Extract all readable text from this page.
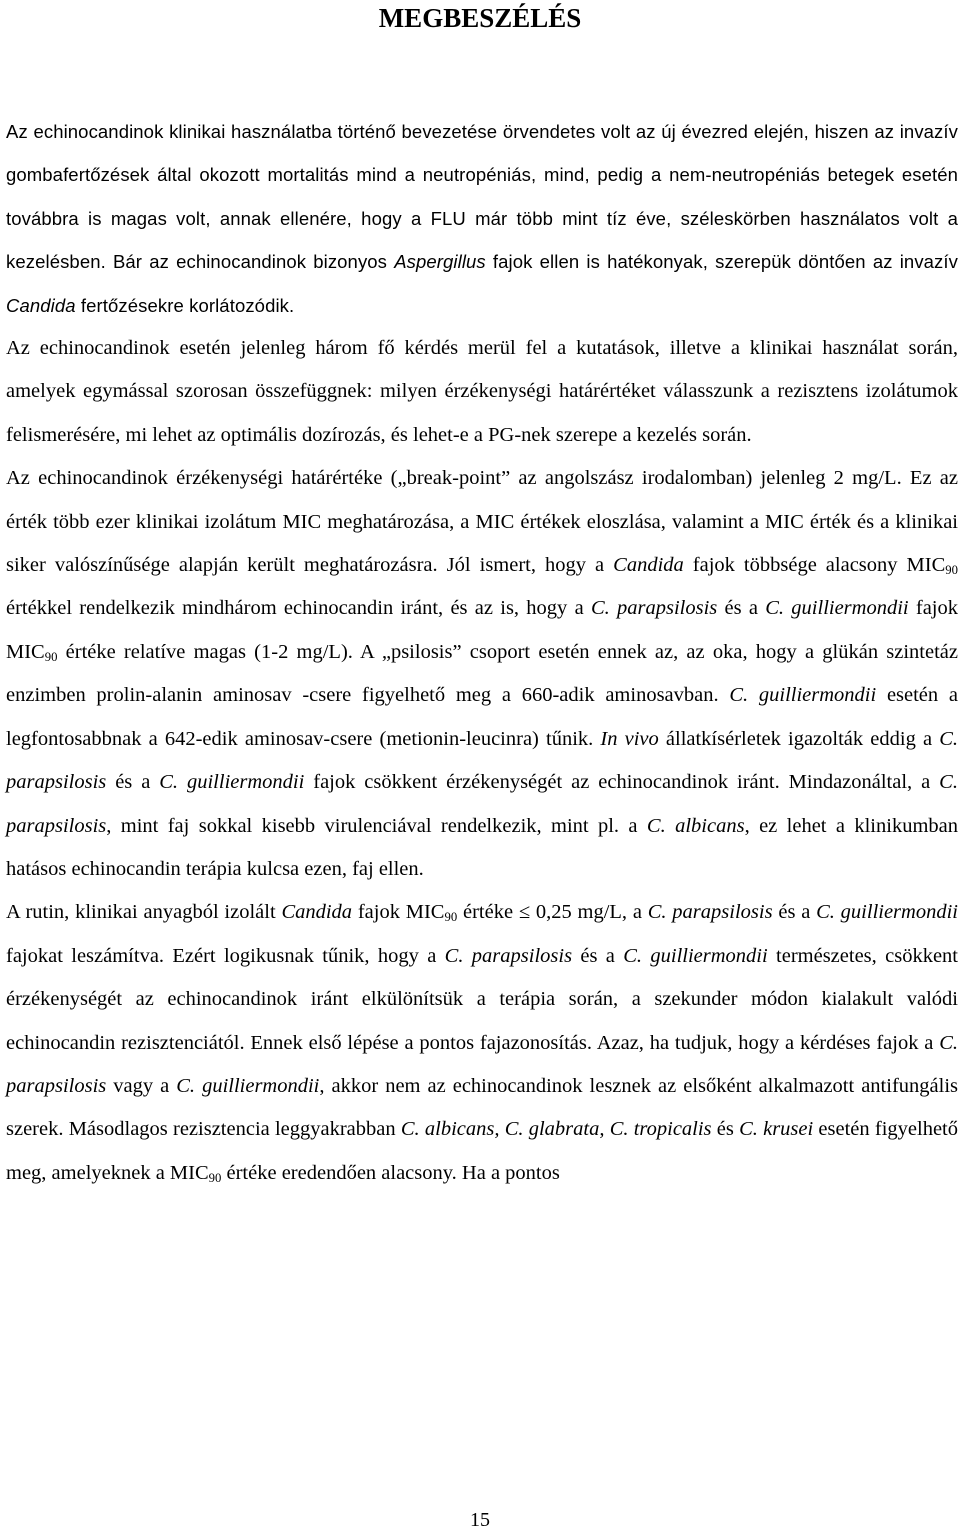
MEGBESZÉLÉS

Az echinocandinok klinikai használatba történő bevezetése örvendetes volt az új évezred elején, hiszen az invazív gombafertőzések által okozott mortalitás mind a neutropéniás, mind, pedig a nem-neutropéniás betegek esetén továbbra is magas volt, annak ellenére, hogy a FLU már több mint tíz éve, széleskörben használatos volt a kezelésben. Bár az echinocandinok bizonyos Aspergillus fajok ellen is hatékonyak, szerepük döntően az invazív Candida fertőzésekre korlátozódik.

Az echinocandinok esetén jelenleg három fő kérdés merül fel a kutatások, illetve a klinikai használat során, amelyek egymással szorosan összefüggnek: milyen érzékenységi határértéket válasszunk a rezisztens izolátumok felismerésére, mi lehet az optimális dozírozás, és lehet-e a PG-nek szerepe a kezelés során.

Az echinocandinok érzékenységi határértéke („break-point” az angolszász irodalomban) jelenleg 2 mg/L. Ez az érték több ezer klinikai izolátum MIC meghatározása, a MIC értékek eloszlása, valamint a MIC érték és a klinikai siker valószínűsége alapján került meghatározásra. Jól ismert, hogy a Candida fajok többsége alacsony $MIC_{90}$ értékkel rendelkezik mindhárom echinocandin iránt, és az is, hogy a C. parapsilosis és a C. guilliermondii fajok $MIC_{90}$ értéke relatíve magas (1-2 mg/L). A „psilosis” csoport esetén ennek az, az oka, hogy a glükán szintetáz enzimben prolin-alanin aminosav -csere figyelhető meg a 660-adik aminosavban. C. guilliermondii esetén a legfontosabbnak a 642-edik aminosav-csere (metionin-leucinra) tűnik. In vivo állatkísérletek igazolták eddig a C. parapsilosis és a C. guilliermondii fajok csökkent érzékenységét az echinocandinok iránt. Mindazonáltal, a C. parapsilosis, mint faj sokkal kisebb virulenciával rendelkezik, mint pl. a C. albicans, ez lehet a klinikumban hatásos echinocandin terápia kulcsa ezen, faj ellen.

A rutin, klinikai anyagból izolált Candida fajok $MIC_{90}$ értéke ≤ 0,25 mg/L, a C. parapsilosis és a C. guilliermondii fajokat leszámítva. Ezért logikusnak tűnik, hogy a C. parapsilosis és a C. guilliermondii természetes, csökkent érzékenységét az echinocandinok iránt elkülönítsük a terápia során, a szekunder módon kialakult valódi echinocandin rezisztenciától. Ennek első lépése a pontos fajazonosítás. Azaz, ha tudjuk, hogy a kérdéses fajok a C. parapsilosis vagy a C. guilliermondii, akkor nem az echinocandinok lesznek az elsőként alkalmazott antifungális szerek. Másodlagos rezisztencia leggyakrabban C. albicans, C. glabrata, C. tropicalis és C. krusei esetén figyelhető meg, amelyeknek a $MIC_{90}$ értéke eredendően alacsony. Ha a pontos

15
